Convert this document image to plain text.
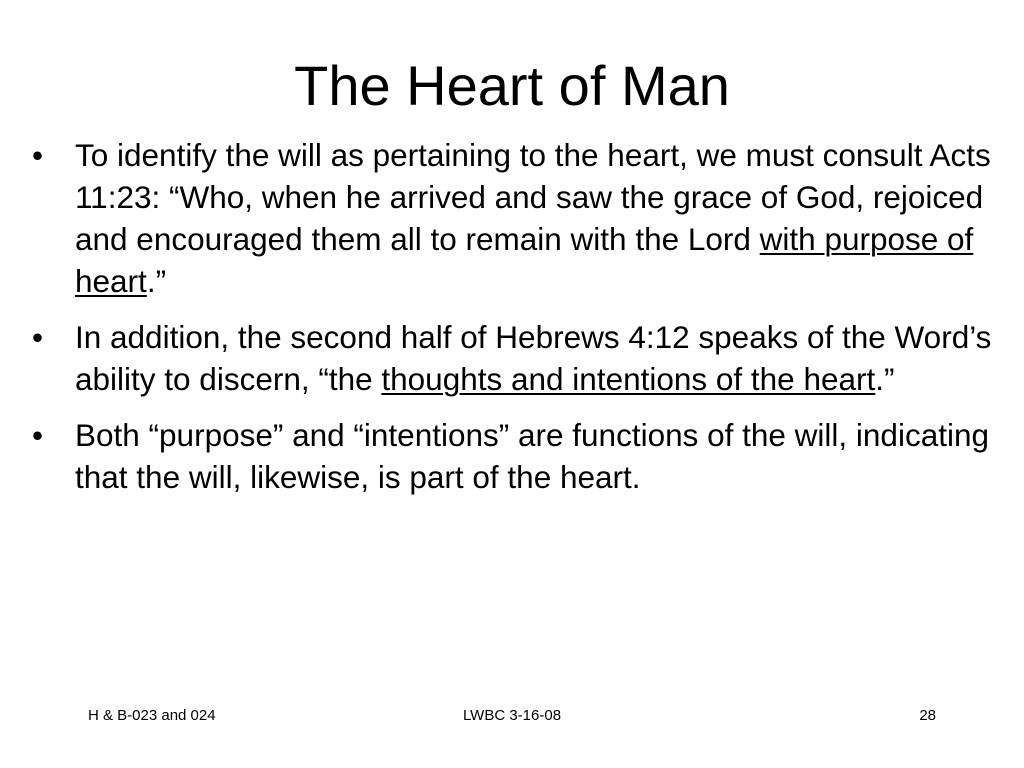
The Heart of Man
•	To identify the will as pertaining to the heart, we must consult Acts 11:23: “Who, when he arrived and saw the grace of God, rejoiced and encouraged them all to remain with the Lord with purpose of heart.”
•	In addition, the second half of Hebrews 4:12 speaks of the Word’s ability to discern, “the thoughts and intentions of the heart.”
•	Both “purpose” and “intentions” are functions of the will, indicating that the will, likewise, is part of the heart.
H & B-023 and 024	LWBC 3-16-08	28
